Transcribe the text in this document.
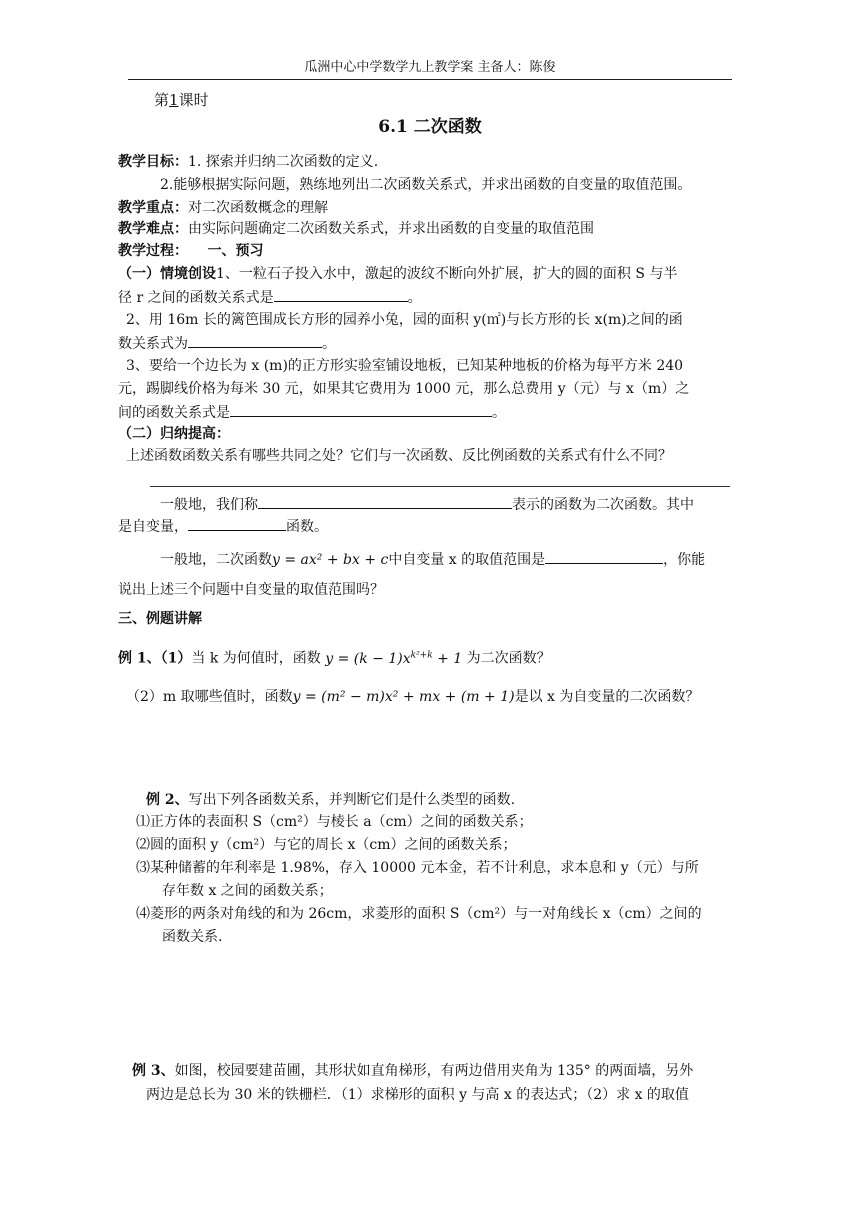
瓜洲中心中学数学九上教学案 主备人：陈俊
第1课时
6.1 二次函数
教学目标：1. 探索并归纳二次函数的定义.
2.能够根据实际问题，熟练地列出二次函数关系式，并求出函数的自变量的取值范围。
教学重点：对二次函数概念的理解
教学难点：由实际问题确定二次函数关系式，并求出函数的自变量的取值范围
教学过程： 一、预习
（一）情境创设1、一粒石子投入水中，激起的波纹不断向外扩展，扩大的圆的面积 S 与半
径 r 之间的函数关系式是	。
2、用 16m 长的篱笆围成长方形的园养小兔，园的面积 y(㎡)与长方形的长 x(m)之间的函
数关系式为	。
3、要给一个边长为 x (m)的正方形实验室铺设地板，已知某种地板的价格为每平方米 240
元，踢脚线价格为每米 30 元，如果其它费用为 1000 元，那么总费用 y（元）与 x（m）之
间的函数关系式是	。
（二）归纳提高：
上述函数函数关系有哪些共同之处？它们与一次函数、反比例函数的关系式有什么不同？
一般地，我们称	表示的函数为二次函数。其中
是自变量，	函数。
一般地，二次函数y = ax² + bx + c中自变量 x 的取值范围是	，你能
说出上述三个问题中自变量的取值范围吗？
三、例题讲解
例 1、（1）当 k 为何值时，函数 $y = (k - 1)x^{k^2+k} + 1$ 为二次函数？
（2）m 取哪些值时，函数y = (m² − m)x² + mx + (m + 1)是以 x 为自变量的二次函数？
例 2、写出下列各函数关系，并判断它们是什么类型的函数.
⑴正方体的表面积 S（cm²）与棱长 a（cm）之间的函数关系；
⑵圆的面积 y（cm²）与它的周长 x（cm）之间的函数关系；
⑶某种储蓄的年利率是 1.98%，存入 10000 元本金，若不计利息，求本息和 y（元）与所
存年数 x 之间的函数关系；
⑷菱形的两条对角线的和为 26cm，求菱形的面积 S（cm²）与一对角线长 x（cm）之间的
函数关系.
例 3、如图，校园要建苗圃，其形状如直角梯形，有两边借用夹角为 135° 的两面墙，另外
两边是总长为 30 米的铁栅栏．（1）求梯形的面积 y 与高 x 的表达式；（2）求 x 的取值
